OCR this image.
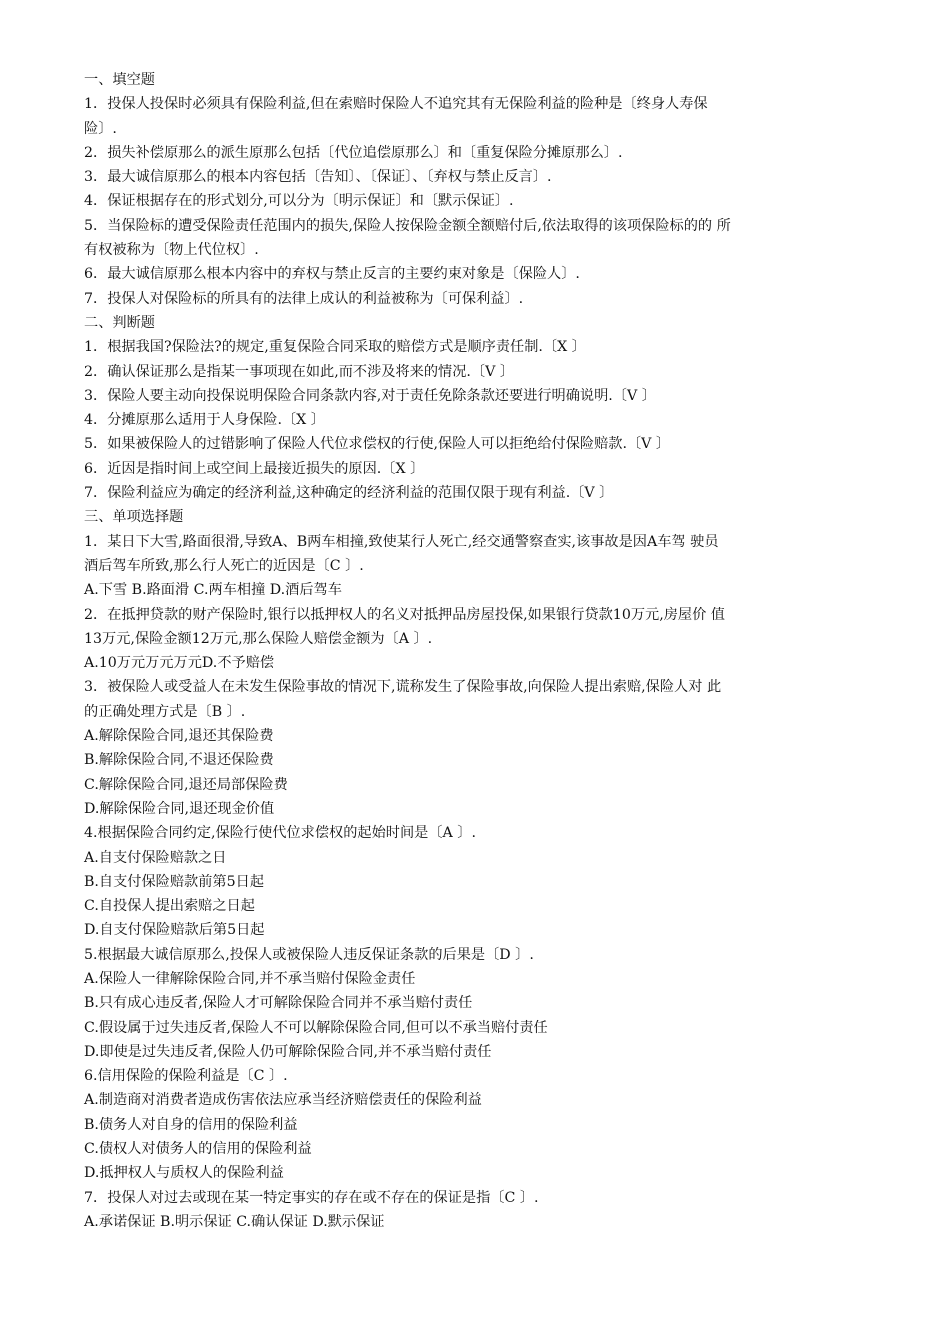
一、填空题

1．投保人投保时必须具有保险利益,但在索赔时保险人不追究其有无保险利益的险种是〔终身人寿保

险〕.

2．损失补偿原那么的派生原那么包括〔代位追偿原那么〕和〔重复保险分摊原那么〕.

3．最大诚信原那么的根本内容包括〔告知〕、〔保证〕、〔弃权与禁止反言〕.

4．保证根据存在的形式划分,可以分为〔明示保证〕和〔默示保证〕.

5．当保险标的遭受保险责任范围内的损失,保险人按保险金额全额赔付后,依法取得的该项保险标的的 所

有权被称为〔物上代位权〕.

6．最大诚信原那么根本内容中的弃权与禁止反言的主要约束对象是〔保险人〕.

7．投保人对保险标的所具有的法律上成认的利益被称为〔可保利益〕.

二、判断题

1．根据我国?保险法?的规定,重复保险合同采取的赔偿方式是顺序责任制.〔X 〕

2．确认保证那么是指某一事项现在如此,而不涉及将来的情况.〔V 〕

3．保险人要主动向投保说明保险合同条款内容,对于责任免除条款还要进行明确说明.〔V 〕

4．分摊原那么适用于人身保险.〔X 〕

5．如果被保险人的过错影响了保险人代位求偿权的行使,保险人可以拒绝给付保险赔款.〔V 〕

6．近因是指时间上或空间上最接近损失的原因.〔X 〕

7．保险利益应为确定的经济利益,这种确定的经济利益的范围仅限于现有利益.〔V 〕

三、单项选择题

1．某日下大雪,路面很滑,导致A、B两车相撞,致使某行人死亡,经交通警察查实,该事故是因A车驾 驶员

酒后驾车所致,那么行人死亡的近因是〔C 〕.

A.下雪 B.路面滑 C.两车相撞 D.酒后驾车

2．在抵押贷款的财产保险时,银行以抵押权人的名义对抵押品房屋投保,如果银行贷款10万元,房屋价 值

13万元,保险金额12万元,那么保险人赔偿金额为〔A 〕.

A.10万元万元万元D.不予赔偿

3．被保险人或受益人在未发生保险事故的情况下,谎称发生了保险事故,向保险人提出索赔,保险人对 此

的正确处理方式是〔B 〕.

A.解除保险合同,退还其保险费

B.解除保险合同,不退还保险费

C.解除保险合同,退还局部保险费

D.解除保险合同,退还现金价值

4.根据保险合同约定,保险行使代位求偿权的起始时间是〔A 〕.

A.自支付保险赔款之日

B.自支付保险赔款前第5日起

C.自投保人提出索赔之日起

D.自支付保险赔款后第5日起

5.根据最大诚信原那么,投保人或被保险人违反保证条款的后果是〔D 〕.

A.保险人一律解除保险合同,并不承当赔付保险金责任

B.只有成心违反者,保险人才可解除保险合同并不承当赔付责任

C.假设属于过失违反者,保险人不可以解除保险合同,但可以不承当赔付责任

D.即使是过失违反者,保险人仍可解除保险合同,并不承当赔付责任

6.信用保险的保险利益是〔C 〕.

A.制造商对消费者造成伤害依法应承当经济赔偿责任的保险利益

B.债务人对自身的信用的保险利益

C.债权人对债务人的信用的保险利益

D.抵押权人与质权人的保险利益

7．投保人对过去或现在某一特定事实的存在或不存在的保证是指〔C 〕.

A.承诺保证 B.明示保证 C.确认保证 D.默示保证
